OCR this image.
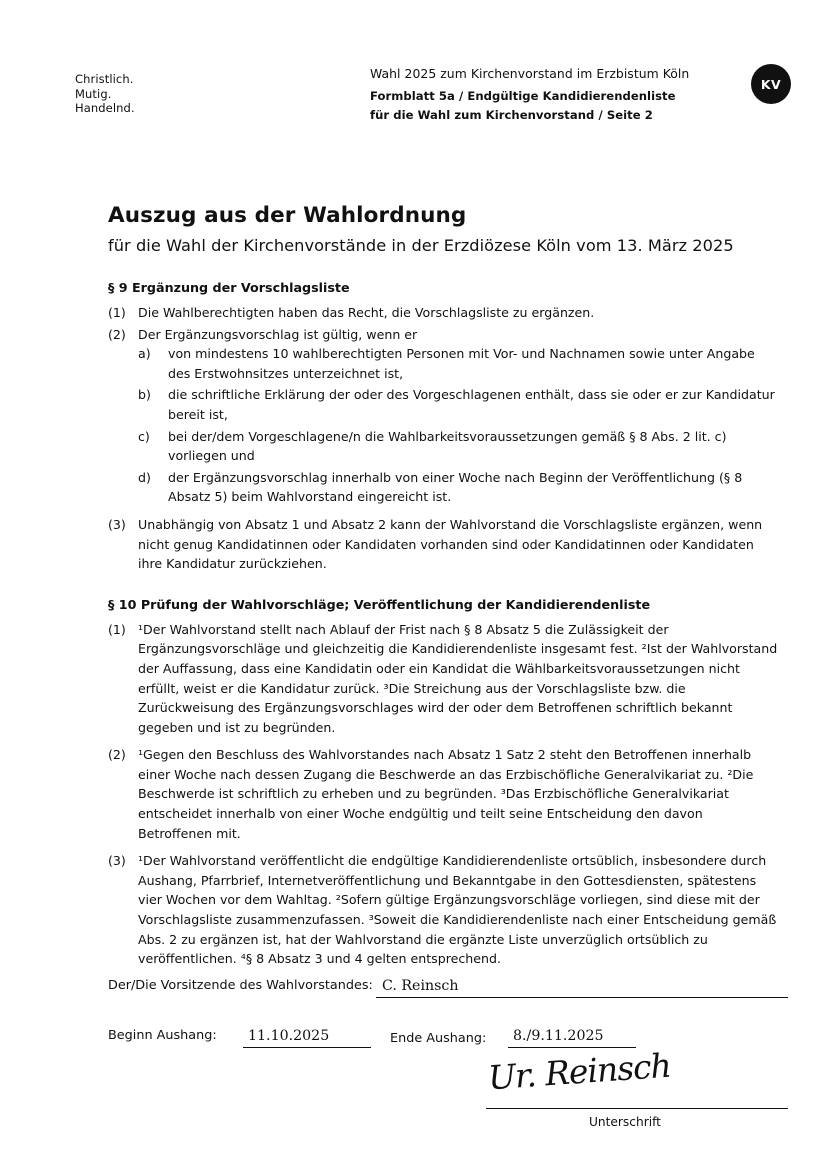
Christlich.
Mutig.
Handelnd.
Wahl 2025 zum Kirchenvorstand im Erzbistum Köln
Formblatt 5a / Endgültige Kandidierendenliste
für die Wahl zum Kirchenvorstand / Seite 2
KV
Auszug aus der Wahlordnung
für die Wahl der Kirchenvorstände in der Erzdiözese Köln vom 13. März 2025
§ 9 Ergänzung der Vorschlagsliste
(1) Die Wahlberechtigten haben das Recht, die Vorschlagsliste zu ergänzen.
(2) Der Ergänzungsvorschlag ist gültig, wenn er
a)	von mindestens 10 wahlberechtigten Personen mit Vor- und Nachnamen sowie unter Angabe des Erstwohnsitzes unterzeichnet ist,
b)	die schriftliche Erklärung der oder des Vorgeschlagenen enthält, dass sie oder er zur Kandidatur bereit ist,
c)	bei der/dem Vorgeschlagene/n die Wahlbarkeitsvoraussetzungen gemäß § 8 Abs. 2 lit. c) vorliegen und
d)	der Ergänzungsvorschlag innerhalb von einer Woche nach Beginn der Veröffentlichung (§ 8 Absatz 5) beim Wahlvorstand eingereicht ist.
(3) Unabhängig von Absatz 1 und Absatz 2 kann der Wahlvorstand die Vorschlagsliste ergänzen, wenn nicht genug Kandidatinnen oder Kandidaten vorhanden sind oder Kandidatinnen oder Kandidaten ihre Kandidatur zurückziehen.
§ 10 Prüfung der Wahlvorschläge; Veröffentlichung der Kandidierendenliste
(1) ¹Der Wahlvorstand stellt nach Ablauf der Frist nach § 8 Absatz 5 die Zulässigkeit der Ergänzungsvorschläge und gleichzeitig die Kandidierendenliste insgesamt fest. ²Ist der Wahlvorstand der Auffassung, dass eine Kandidatin oder ein Kandidat die Wählbarkeitsvoraussetzungen nicht erfüllt, weist er die Kandidatur zurück. ³Die Streichung aus der Vorschlagsliste bzw. die Zurückweisung des Ergänzungsvorschlages wird der oder dem Betroffenen schriftlich bekannt gegeben und ist zu begründen.
(2) ¹Gegen den Beschluss des Wahlvorstandes nach Absatz 1 Satz 2 steht den Betroffenen innerhalb einer Woche nach dessen Zugang die Beschwerde an das Erzbischöfliche Generalvikariat zu. ²Die Beschwerde ist schriftlich zu erheben und zu begründen. ³Das Erzbischöfliche Generalvikariat entscheidet innerhalb von einer Woche endgültig und teilt seine Entscheidung den davon Betroffenen mit.
(3) ¹Der Wahlvorstand veröffentlicht die endgültige Kandidierendenliste ortsüblich, insbesondere durch Aushang, Pfarrbrief, Internetveröffentlichung und Bekanntgabe in den Gottesdiensten, spätestens vier Wochen vor dem Wahltag. ²Sofern gültige Ergänzungsvorschläge vorliegen, sind diese mit der Vorschlagsliste zusammenzufassen. ³Soweit die Kandidierendenliste nach einer Entscheidung gemäß Abs. 2 zu ergänzen ist, hat der Wahlvorstand die ergänzte Liste unverzüglich ortsüblich zu veröffentlichen. ⁴§ 8 Absatz 3 und 4 gelten entsprechend.
Der/Die Vorsitzende des Wahlvorstandes: C. Reinsch
Beginn Aushang: 11.10.2025	Ende Aushang: 8./9.11.2025
Ur. Reinsch
Unterschrift
